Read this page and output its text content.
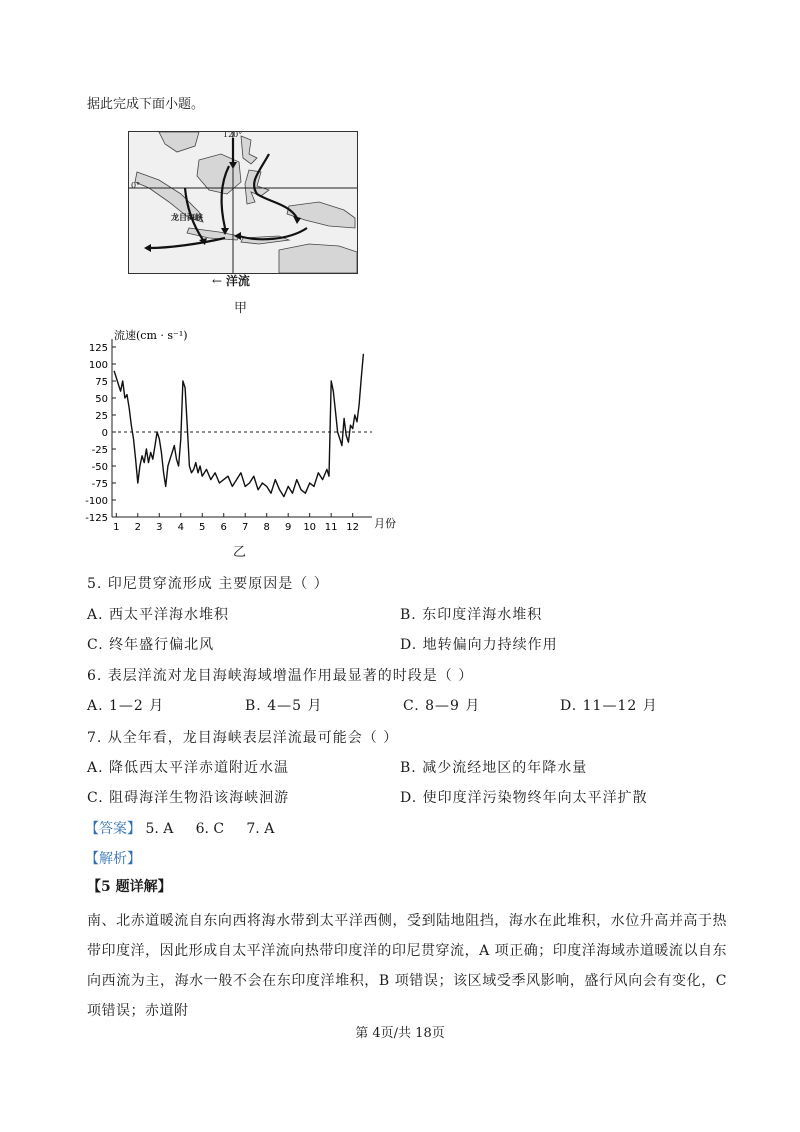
据此完成下面小题。
120°
0°
龙目海峡
← 洋流
甲
流速(cm · s⁻¹)
月份
125
100
75
50
25
0
-25
-50
-75
-100
-125
1 2 3 4 5 6 7 8 9 10 11 12
乙
5. 印尼贯穿流形成 主要原因是（ ）
A. 西太平洋海水堆积	B. 东印度洋海水堆积
C. 终年盛行偏北风	D. 地转偏向力持续作用
6. 表层洋流对龙目海峡海域增温作用最显著的时段是（ ）
A. 1—2 月	B. 4—5 月	C. 8—9 月	D. 11—12 月
7. 从全年看，龙目海峡表层洋流最可能会（ ）
A. 降低西太平洋赤道附近水温	B. 减少流经地区的年降水量
C. 阻碍海洋生物沿该海峡洄游	D. 使印度洋污染物终年向太平洋扩散
【答案】 5. A     6. C     7. A
【解析】
【5 题详解】
南、北赤道暖流自东向西将海水带到太平洋西侧，受到陆地阻挡，海水在此堆积，水位升高并高于热带印度洋，因此形成自太平洋流向热带印度洋的印尼贯穿流，A 项正确；印度洋海域赤道暖流以自东向西流为主，海水一般不会在东印度洋堆积，B 项错误；该区域受季风影响，盛行风向会有变化，C 项错误；赤道附
第 4页/共 18页
